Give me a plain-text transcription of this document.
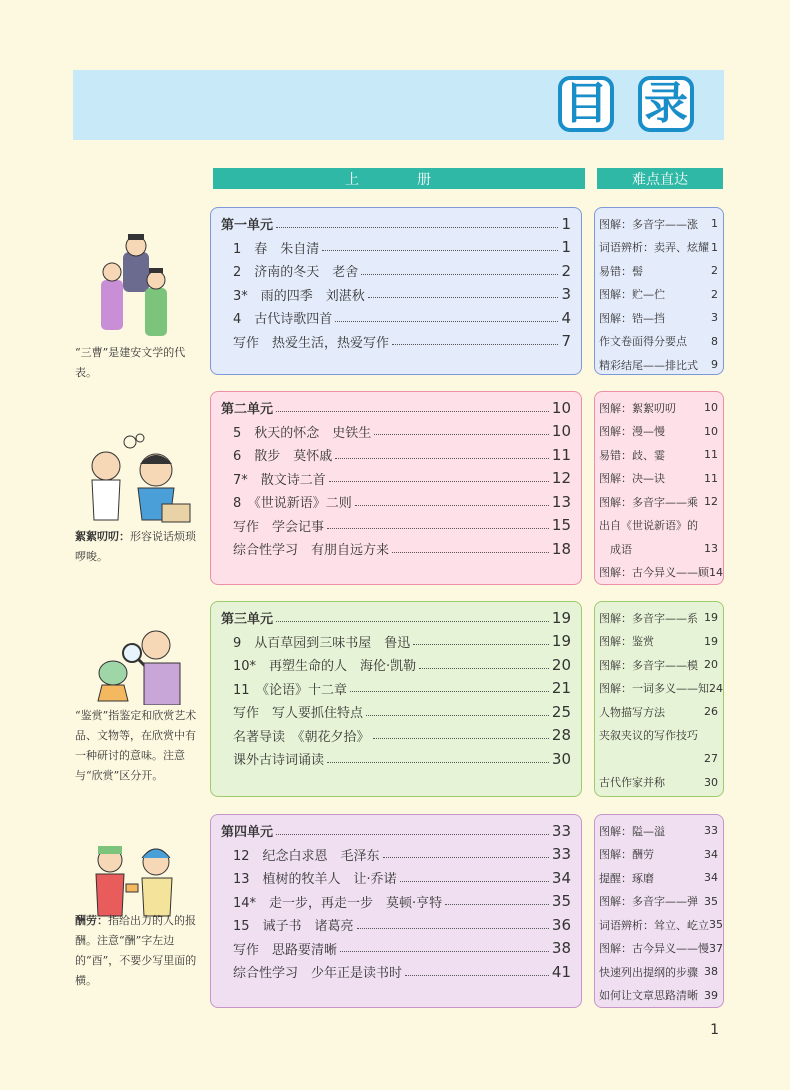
目 录
上　册	难点直达
第一单元	1
1　春　朱自清	1
2　济南的冬天　老舍	2
3*　雨的四季　刘湛秋	3
4　古代诗歌四首	4
写作　热爱生活，热爱写作	7
图解：多音字——涨 1
词语辨析：卖弄、炫耀 1
易错：髻	2
图解：贮—伫	2
图解：锆—挡	3
作文卷面得分要点 8
精彩结尾——排比式 9
第二单元	10
5　秋天的怀念　史铁生	10
6　散步　莫怀戚	11
7*　散文诗二首	12
8　《世说新语》二则	13
写作　学会记事	15
综合性学习　有朋自远方来	18
图解：絮絮叨叨	10
图解：漫—慢	10
易错：歧、霎	11
图解：决—诀	11
图解：多音字——乘 12
出自《世说新语》的
　成语	13
图解：古今异义——顾 14
第三单元	19
9　从百草园到三味书屋　鲁迅	19
10*　再塑生命的人　海伦·凯勒	20
11　《论语》十二章	21
写作　写人要抓住特点	25
名著导读　《朝花夕拾》	28
课外古诗词诵读	30
图解：多音字——系 19
图解：鉴赏	19
图解：多音字——模 20
图解：一词多义——知 24
人物描写方法	26
夹叙夹议的写作技巧
27
古代作家并称	30
第四单元	33
12　纪念白求恩　毛泽东	33
13　植树的牧羊人　让·乔诺	34
14*　走一步，再走一步　莫顿·亨特	35
15　诫子书　诸葛亮	36
写作　思路要清晰	38
综合性学习　少年正是读书时	41
图解：隘—溢	33
图解：酬劳	34
提醒：琢磨	34
图解：多音字——弹 35
词语辨析：耸立、屹立 35
图解：古今异义——慢 37
快速列出提纲的步骤 38
如何让文章思路清晰 39
“三曹”是建安文学的代表。
絮絮叨叨：形容说话烦琐啰唆。
“鉴赏”指鉴定和欣赏艺术品、文物等，在欣赏中有一种研讨的意味。注意与“欣赏”区分开。
酬劳：指给出力的人的报酬。注意“酬”字左边的“酉”，不要少写里面的横。
1
